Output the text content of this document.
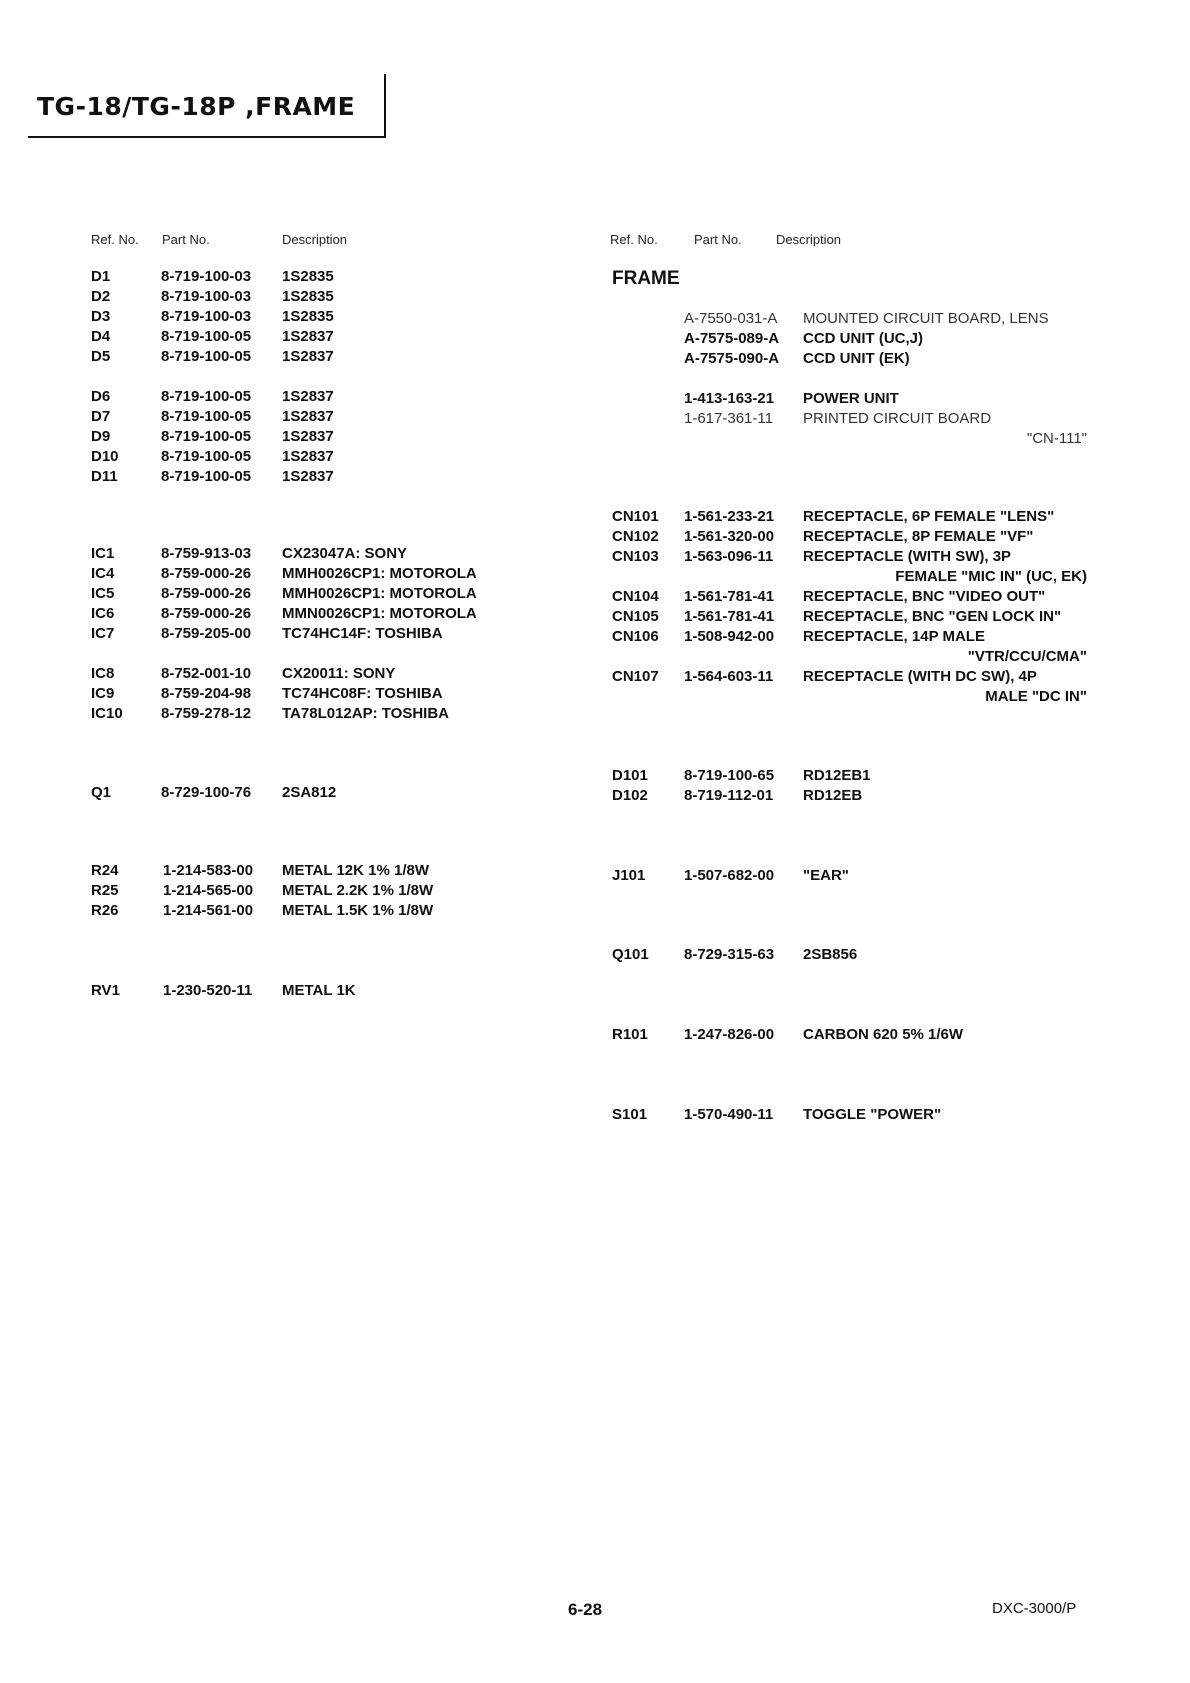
TG-18/TG-18P ,FRAME
Ref. No. Part No.	Description	Ref. No.	Part No.	Description
D1	8-719-100-03 1S2835
D2	8-719-100-03 1S2835
D3	8-719-100-03 1S2835
D4	8-719-100-05 1S2837
D5	8-719-100-05 1S2837
D6	8-719-100-05 1S2837
D7	8-719-100-05 1S2837
D9	8-719-100-05 1S2837
D10	8-719-100-05 1S2837
D11	8-719-100-05 1S2837
IC1	8-759-913-03 CX23047A: SONY
IC4	8-759-000-26 MMH0026CP1: MOTOROLA
IC5	8-759-000-26 MMH0026CP1: MOTOROLA
IC6	8-759-000-26 MMN0026CP1: MOTOROLA
IC7	8-759-205-00 TC74HC14F: TOSHIBA
IC8	8-752-001-10 CX20011: SONY
IC9	8-759-204-98 TC74HC08F: TOSHIBA
IC10	8-759-278-12 TA78L012AP: TOSHIBA
Q1	8-729-100-76 2SA812
R24	1-214-583-00 METAL 12K 1% 1/8W
R25	1-214-565-00 METAL 2.2K 1% 1/8W
R26	1-214-561-00 METAL 1.5K 1% 1/8W
RV1	1-230-520-11 METAL 1K
FRAME
A-7550-031-A MOUNTED CIRCUIT BOARD, LENS
A-7575-089-A CCD UNIT (UC,J)
A-7575-090-A CCD UNIT (EK)
1-413-163-21 POWER UNIT
1-617-361-11 PRINTED CIRCUIT BOARD
"CN-111"
CN101 1-561-233-21 RECEPTACLE, 6P FEMALE "LENS"
CN102 1-561-320-00 RECEPTACLE, 8P FEMALE "VF"
CN103 1-563-096-11 RECEPTACLE (WITH SW), 3P
FEMALE "MIC IN" (UC, EK)
CN104 1-561-781-41 RECEPTACLE, BNC "VIDEO OUT"
CN105 1-561-781-41 RECEPTACLE, BNC "GEN LOCK IN"
CN106 1-508-942-00 RECEPTACLE, 14P MALE
"VTR/CCU/CMA"
CN107 1-564-603-11 RECEPTACLE (WITH DC SW), 4P
MALE "DC IN"
D101 8-719-100-65 RD12EB1
D102 8-719-112-01 RD12EB
J101	1-507-682-00 "EAR"
Q101 8-729-315-63 2SB856
R101 1-247-826-00 CARBON 620 5% 1/6W
S101 1-570-490-11 TOGGLE "POWER"
6-28	DXC-3000/P
